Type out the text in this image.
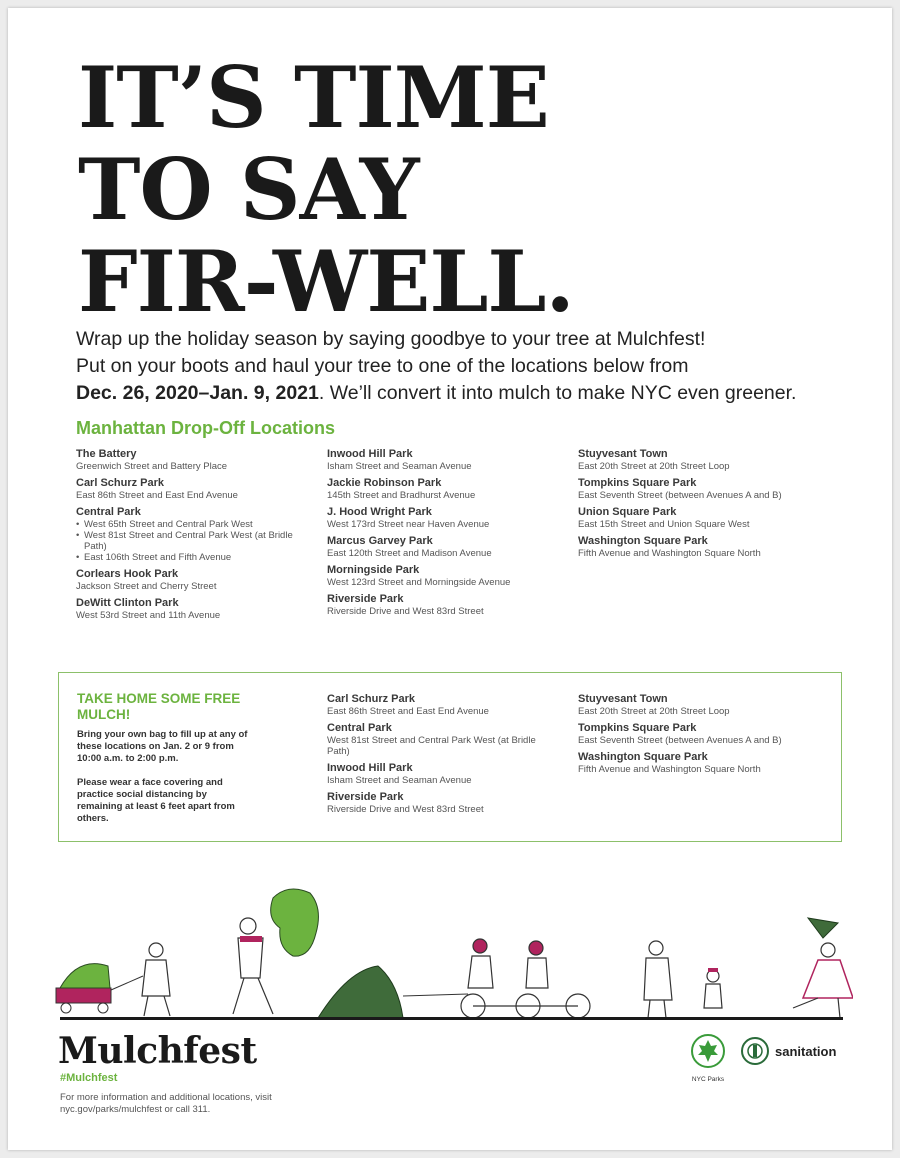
IT’S TIME
TO SAY
FIR-WELL.
Wrap up the holiday season by saying goodbye to your tree at Mulchfest!
Put on your boots and haul your tree to one of the locations below from
Dec. 26, 2020–Jan. 9, 2021. We’ll convert it into mulch to make NYC even greener.
Manhattan Drop-Off Locations
The Battery
Greenwich Street and Battery Place
Carl Schurz Park
East 86th Street and East End Avenue
Central Park
• West 65th Street and Central Park West
• West 81st Street and Central Park West (at Bridle Path)
• East 106th Street and Fifth Avenue
Corlears Hook Park
Jackson Street and Cherry Street
DeWitt Clinton Park
West 53rd Street and 11th Avenue
Inwood Hill Park
Isham Street and Seaman Avenue
Jackie Robinson Park
145th Street and Bradhurst Avenue
J. Hood Wright Park
West 173rd Street near Haven Avenue
Marcus Garvey Park
East 120th Street and Madison Avenue
Morningside Park
West 123rd Street and Morningside Avenue
Riverside Park
Riverside Drive and West 83rd Street
Stuyvesant Town
East 20th Street at 20th Street Loop
Tompkins Square Park
East Seventh Street (between Avenues A and B)
Union Square Park
East 15th Street and Union Square West
Washington Square Park
Fifth Avenue and Washington Square North
TAKE HOME SOME FREE MULCH!
Bring your own bag to fill up at any of these locations on Jan. 2 or 9 from 10:00 a.m. to 2:00 p.m.
Please wear a face covering and practice social distancing by remaining at least 6 feet apart from others.
Carl Schurz Park
East 86th Street and East End Avenue
Central Park
West 81st Street and Central Park West (at Bridle Path)
Inwood Hill Park
Isham Street and Seaman Avenue
Riverside Park
Riverside Drive and West 83rd Street
Stuyvesant Town
East 20th Street at 20th Street Loop
Tompkins Square Park
East Seventh Street (between Avenues A and B)
Washington Square Park
Fifth Avenue and Washington Square North
Mulchfest
#Mulchfest
For more information and additional locations, visit nyc.gov/parks/mulchfest or call 311.
NYC Parks
sanitation
